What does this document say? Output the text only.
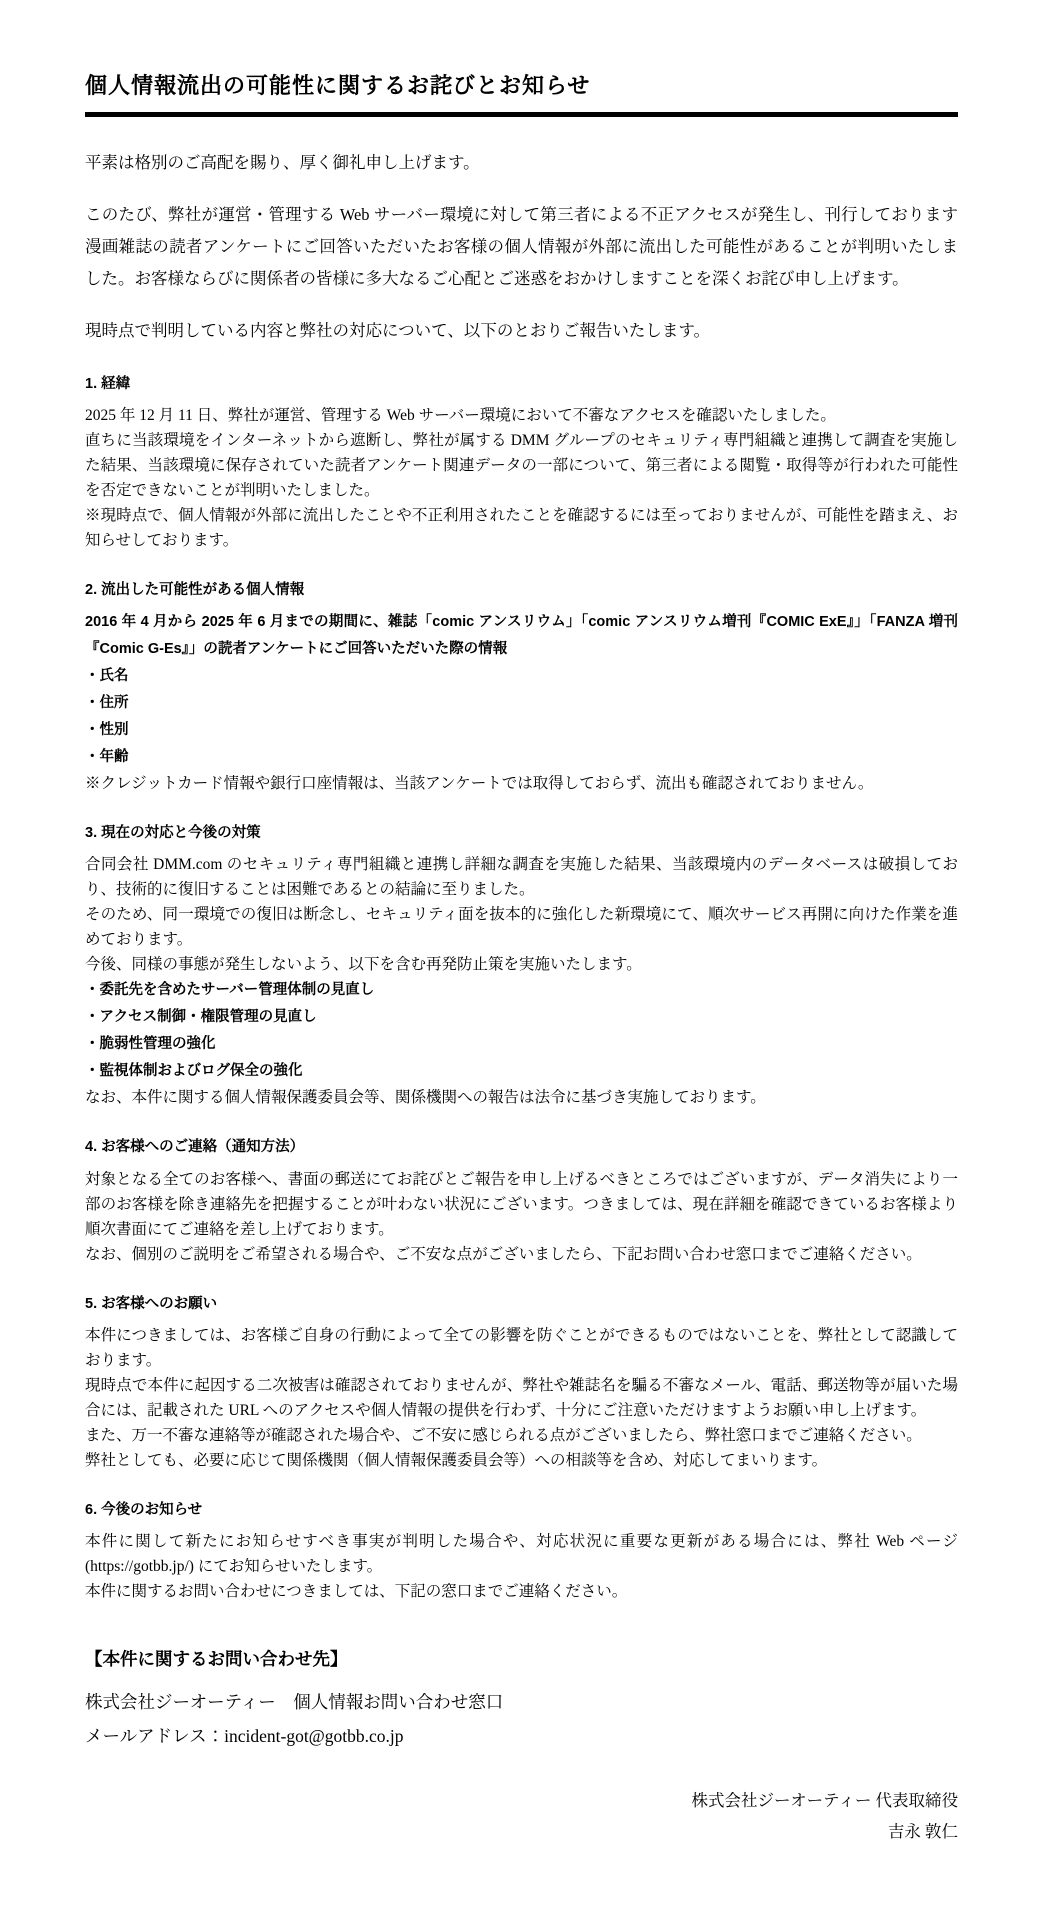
個人情報流出の可能性に関するお詫びとお知らせ

平素は格別のご高配を賜り、厚く御礼申し上げます。

このたび、弊社が運営・管理する Web サーバー環境に対して第三者による不正アクセスが発生し、刊行しております漫画雑誌の読者アンケートにご回答いただいたお客様の個人情報が外部に流出した可能性があることが判明いたしました。お客様ならびに関係者の皆様に多大なるご心配とご迷惑をおかけしますことを深くお詫び申し上げます。

現時点で判明している内容と弊社の対応について、以下のとおりご報告いたします。

1. 経緯

2025 年 12 月 11 日、弊社が運営、管理する Web サーバー環境において不審なアクセスを確認いたしました。

直ちに当該環境をインターネットから遮断し、弊社が属する DMM グループのセキュリティ専門組織と連携して調査を実施した結果、当該環境に保存されていた読者アンケート関連データの一部について、第三者による閲覧・取得等が行われた可能性を否定できないことが判明いたしました。

※現時点で、個人情報が外部に流出したことや不正利用されたことを確認するには至っておりませんが、可能性を踏まえ、お知らせしております。

2. 流出した可能性がある個人情報

2016 年 4 月から 2025 年 6 月までの期間に、雑誌「comic アンスリウム」「comic アンスリウム増刊『COMIC ExE』」「FANZA 増刊『Comic G-Es』」の読者アンケートにご回答いただいた際の情報

・氏名

・住所

・性別

・年齢

※クレジットカード情報や銀行口座情報は、当該アンケートでは取得しておらず、流出も確認されておりません。

3. 現在の対応と今後の対策

合同会社 DMM.com のセキュリティ専門組織と連携し詳細な調査を実施した結果、当該環境内のデータベースは破損しており、技術的に復旧することは困難であるとの結論に至りました。

そのため、同一環境での復旧は断念し、セキュリティ面を抜本的に強化した新環境にて、順次サービス再開に向けた作業を進めております。

今後、同様の事態が発生しないよう、以下を含む再発防止策を実施いたします。

・委託先を含めたサーバー管理体制の見直し

・アクセス制御・権限管理の見直し

・脆弱性管理の強化

・監視体制およびログ保全の強化

なお、本件に関する個人情報保護委員会等、関係機関への報告は法令に基づき実施しております。

4. お客様へのご連絡（通知方法）

対象となる全てのお客様へ、書面の郵送にてお詫びとご報告を申し上げるべきところではございますが、データ消失により一部のお客様を除き連絡先を把握することが叶わない状況にございます。つきましては、現在詳細を確認できているお客様より順次書面にてご連絡を差し上げております。

なお、個別のご説明をご希望される場合や、ご不安な点がございましたら、下記お問い合わせ窓口までご連絡ください。

5. お客様へのお願い

本件につきましては、お客様ご自身の行動によって全ての影響を防ぐことができるものではないことを、弊社として認識しております。

現時点で本件に起因する二次被害は確認されておりませんが、弊社や雑誌名を騙る不審なメール、電話、郵送物等が届いた場合には、記載された URL へのアクセスや個人情報の提供を行わず、十分にご注意いただけますようお願い申し上げます。

また、万一不審な連絡等が確認された場合や、ご不安に感じられる点がございましたら、弊社窓口までご連絡ください。

弊社としても、必要に応じて関係機関（個人情報保護委員会等）への相談等を含め、対応してまいります。

6. 今後のお知らせ

本件に関して新たにお知らせすべき事実が判明した場合や、対応状況に重要な更新がある場合には、弊社 Web ページ (https://gotbb.jp/) にてお知らせいたします。

本件に関するお問い合わせにつきましては、下記の窓口までご連絡ください。

【本件に関するお問い合わせ先】

株式会社ジーオーティー　個人情報お問い合わせ窓口

メールアドレス：incident-got@gotbb.co.jp

株式会社ジーオーティー 代表取締役

吉永 敦仁
